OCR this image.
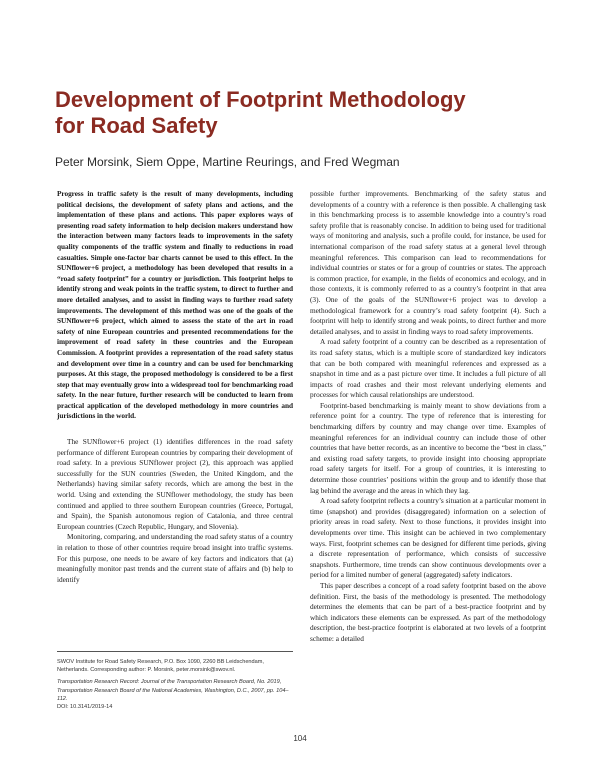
Development of Footprint Methodology
for Road Safety

Peter Morsink, Siem Oppe, Martine Reurings, and Fred Wegman

Progress in traffic safety is the result of many developments, including political decisions, the development of safety plans and actions, and the implementation of these plans and actions. This paper explores ways of presenting road safety information to help decision makers understand how the interaction between many factors leads to improvements in the safety quality components of the traffic system and finally to reductions in road casualties. Simple one-factor bar charts cannot be used to this effect. In the SUNflower+6 project, a methodology has been developed that results in a “road safety footprint” for a country or jurisdiction. This footprint helps to identify strong and weak points in the traffic system, to direct to further and more detailed analyses, and to assist in finding ways to further road safety improvements. The development of this method was one of the goals of the SUNflower+6 project, which aimed to assess the state of the art in road safety of nine European countries and presented recommendations for the improvement of road safety in these countries and the European Commission. A footprint provides a representation of the road safety status and development over time in a country and can be used for benchmarking purposes. At this stage, the proposed methodology is considered to be a first step that may eventually grow into a widespread tool for benchmarking road safety. In the near future, further research will be conducted to learn from practical application of the developed methodology in more countries and jurisdictions in the world.

The SUNflower+6 project (1) identifies differences in the road safety performance of different European countries by comparing their development of road safety. In a previous SUNflower project (2), this approach was applied successfully for the SUN countries (Sweden, the United Kingdom, and the Netherlands) having similar safety records, which are among the best in the world. Using and extending the SUNflower methodology, the study has been continued and applied to three southern European countries (Greece, Portugal, and Spain), the Spanish autonomous region of Catalonia, and three central European countries (Czech Republic, Hungary, and Slovenia).

Monitoring, comparing, and understanding the road safety status of a country in relation to those of other countries require broad insight into traffic systems. For this purpose, one needs to be aware of key factors and indicators that (a) meaningfully monitor past trends and the current state of affairs and (b) help to identify

SWOV Institute for Road Safety Research, P.O. Box 1090, 2260 BB Leidschendam, Netherlands. Corresponding author: P. Morsink, peter.morsink@swov.nl.

Transportation Research Record: Journal of the Transportation Research Board, No. 2019, Transportation Research Board of the National Academies, Washington, D.C., 2007, pp. 104–112.

DOI: 10.3141/2019-14

possible further improvements. Benchmarking of the safety status and developments of a country with a reference is then possible. A challenging task in this benchmarking process is to assemble knowledge into a country’s road safety profile that is reasonably concise. In addition to being used for traditional ways of monitoring and analysis, such a profile could, for instance, be used for international comparison of the road safety status at a general level through meaningful references. This comparison can lead to recommendations for individual countries or states or for a group of countries or states. The approach is common practice, for example, in the fields of economics and ecology, and in those contexts, it is commonly referred to as a country’s footprint in that area (3). One of the goals of the SUNflower+6 project was to develop a methodological framework for a country’s road safety footprint (4). Such a footprint will help to identify strong and weak points, to direct further and more detailed analyses, and to assist in finding ways to road safety improvements.

A road safety footprint of a country can be described as a representation of its road safety status, which is a multiple score of standardized key indicators that can be both compared with meaningful references and expressed as a snapshot in time and as a past picture over time. It includes a full picture of all impacts of road crashes and their most relevant underlying elements and processes for which causal relationships are understood.

Footprint-based benchmarking is mainly meant to show deviations from a reference point for a country. The type of reference that is interesting for benchmarking differs by country and may change over time. Examples of meaningful references for an individual country can include those of other countries that have better records, as an incentive to become the “best in class,” and existing road safety targets, to provide insight into choosing appropriate road safety targets for itself. For a group of countries, it is interesting to determine those countries’ positions within the group and to identify those that lag behind the average and the areas in which they lag.

A road safety footprint reflects a country’s situation at a particular moment in time (snapshot) and provides (disaggregated) information on a selection of priority areas in road safety. Next to those functions, it provides insight into developments over time. This insight can be achieved in two complementary ways. First, footprint schemes can be designed for different time periods, giving a discrete representation of performance, which consists of successive snapshots. Furthermore, time trends can show continuous developments over a period for a limited number of general (aggregated) safety indicators.

This paper describes a concept of a road safety footprint based on the above definition. First, the basis of the methodology is presented. The methodology determines the elements that can be part of a best-practice footprint and by which indicators these elements can be expressed. As part of the methodology description, the best-practice footprint is elaborated at two levels of a footprint scheme: a detailed

104
